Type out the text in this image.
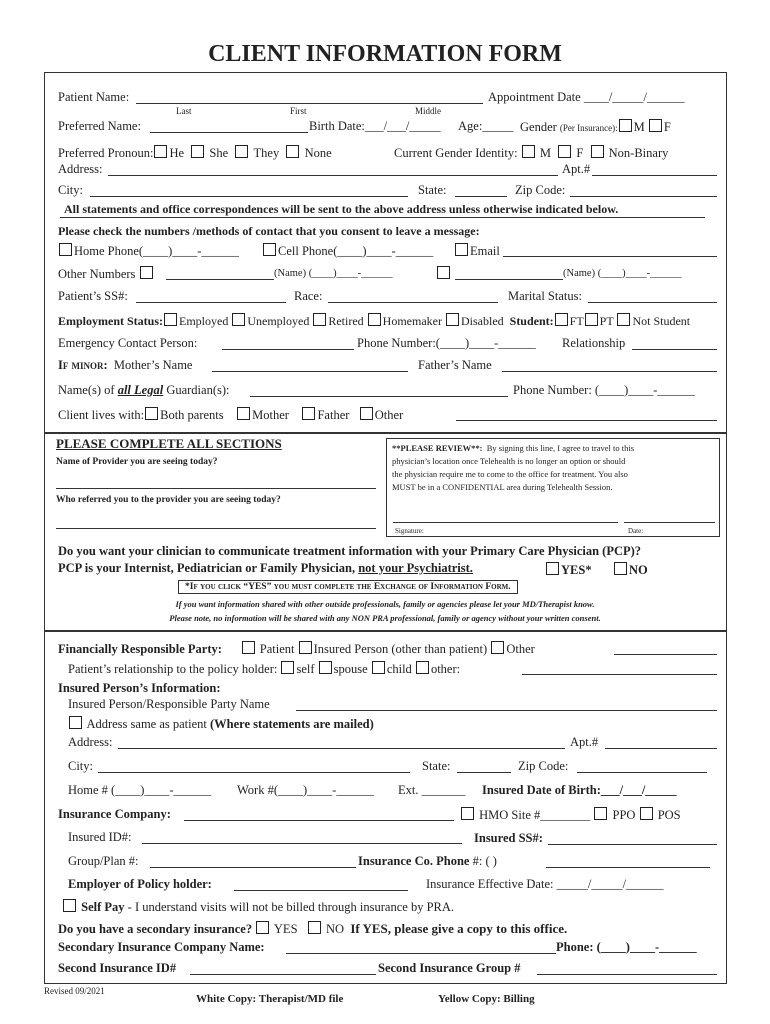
CLIENT INFORMATION FORM
Patient Name:	Appointment Date ____/_____/______
Last	First	Middle
Preferred Name:	Birth Date:___/___/_____ Age:_____ Gender (Per Insurance): M F
Preferred Pronoun: He She They None	Current Gender Identity: M F Non-Binary
Address:	Apt.#
City:	State:	Zip Code:
All statements and office correspondences will be sent to the above address unless otherwise indicated below.
Please check the numbers /methods of contact that you consent to leave a message:
Home Phone(____)____-______	Cell Phone(____)____-______	Email
Other Numbers	(Name) (____)____-______	(Name) (____)____-______
Patient’s SS#:	Race:	Marital Status:
Employment Status: Employed Unemployed Retired Homemaker Disabled Student: FT PT Not Student
Emergency Contact Person:	Phone Number:(____)____-______ Relationship
If minor: Mother’s Name	Father’s Name
Name(s) of all Legal Guardian(s):	Phone Number: (____)____-______
Client lives with: Both parents Mother Father Other
PLEASE COMPLETE ALL SECTIONS
Name of Provider you are seeing today?
Who referred you to the provider you are seeing today?
**PLEASE REVIEW**: By signing this line, I agree to travel to this
physician’s location once Telehealth is no longer an option or should
the physician require me to come to the office for treatment. You also
MUST be in a CONFIDENTIAL area during Telehealth Session.
Signature:	Date:
Do you want your clinician to communicate treatment information with your Primary Care Physician (PCP)?
PCP is your Internist, Pediatrician or Family Physician, not your Psychiatrist.	YES*	NO
*If you click “YES” you must complete the Exchange of Information Form.
If you want information shared with other outside professionals, family or agencies please let your MD/Therapist know.
Please note, no information will be shared with any NON PRA professional, family or agency without your written consent.
Financially Responsible Party:	Patient Insured Person (other than patient) Other
Patient’s relationship to the policy holder: self spouse child other:
Insured Person’s Information:
Insured Person/Responsible Party Name
Address same as patient (Where statements are mailed)
Address:	Apt.#
City:	State:	Zip Code:
Home # (____)____-______ Work #(____)____-______ Ext. _______ Insured Date of Birth:___/___/_____
Insurance Company:	HMO Site #________ PPO POS
Insured ID#:	Insured SS#:
Group/Plan #:	Insurance Co. Phone #: ( )
Employer of Policy holder:	Insurance Effective Date: _____/_____/______
Self Pay - I understand visits will not be billed through insurance by PRA.
Do you have a secondary insurance? YES NO If YES, please give a copy to this office.
Secondary Insurance Company Name:	Phone: (____)____-______
Second Insurance ID#	Second Insurance Group #
Revised 09/2021
White Copy: Therapist/MD file	Yellow Copy: Billing
